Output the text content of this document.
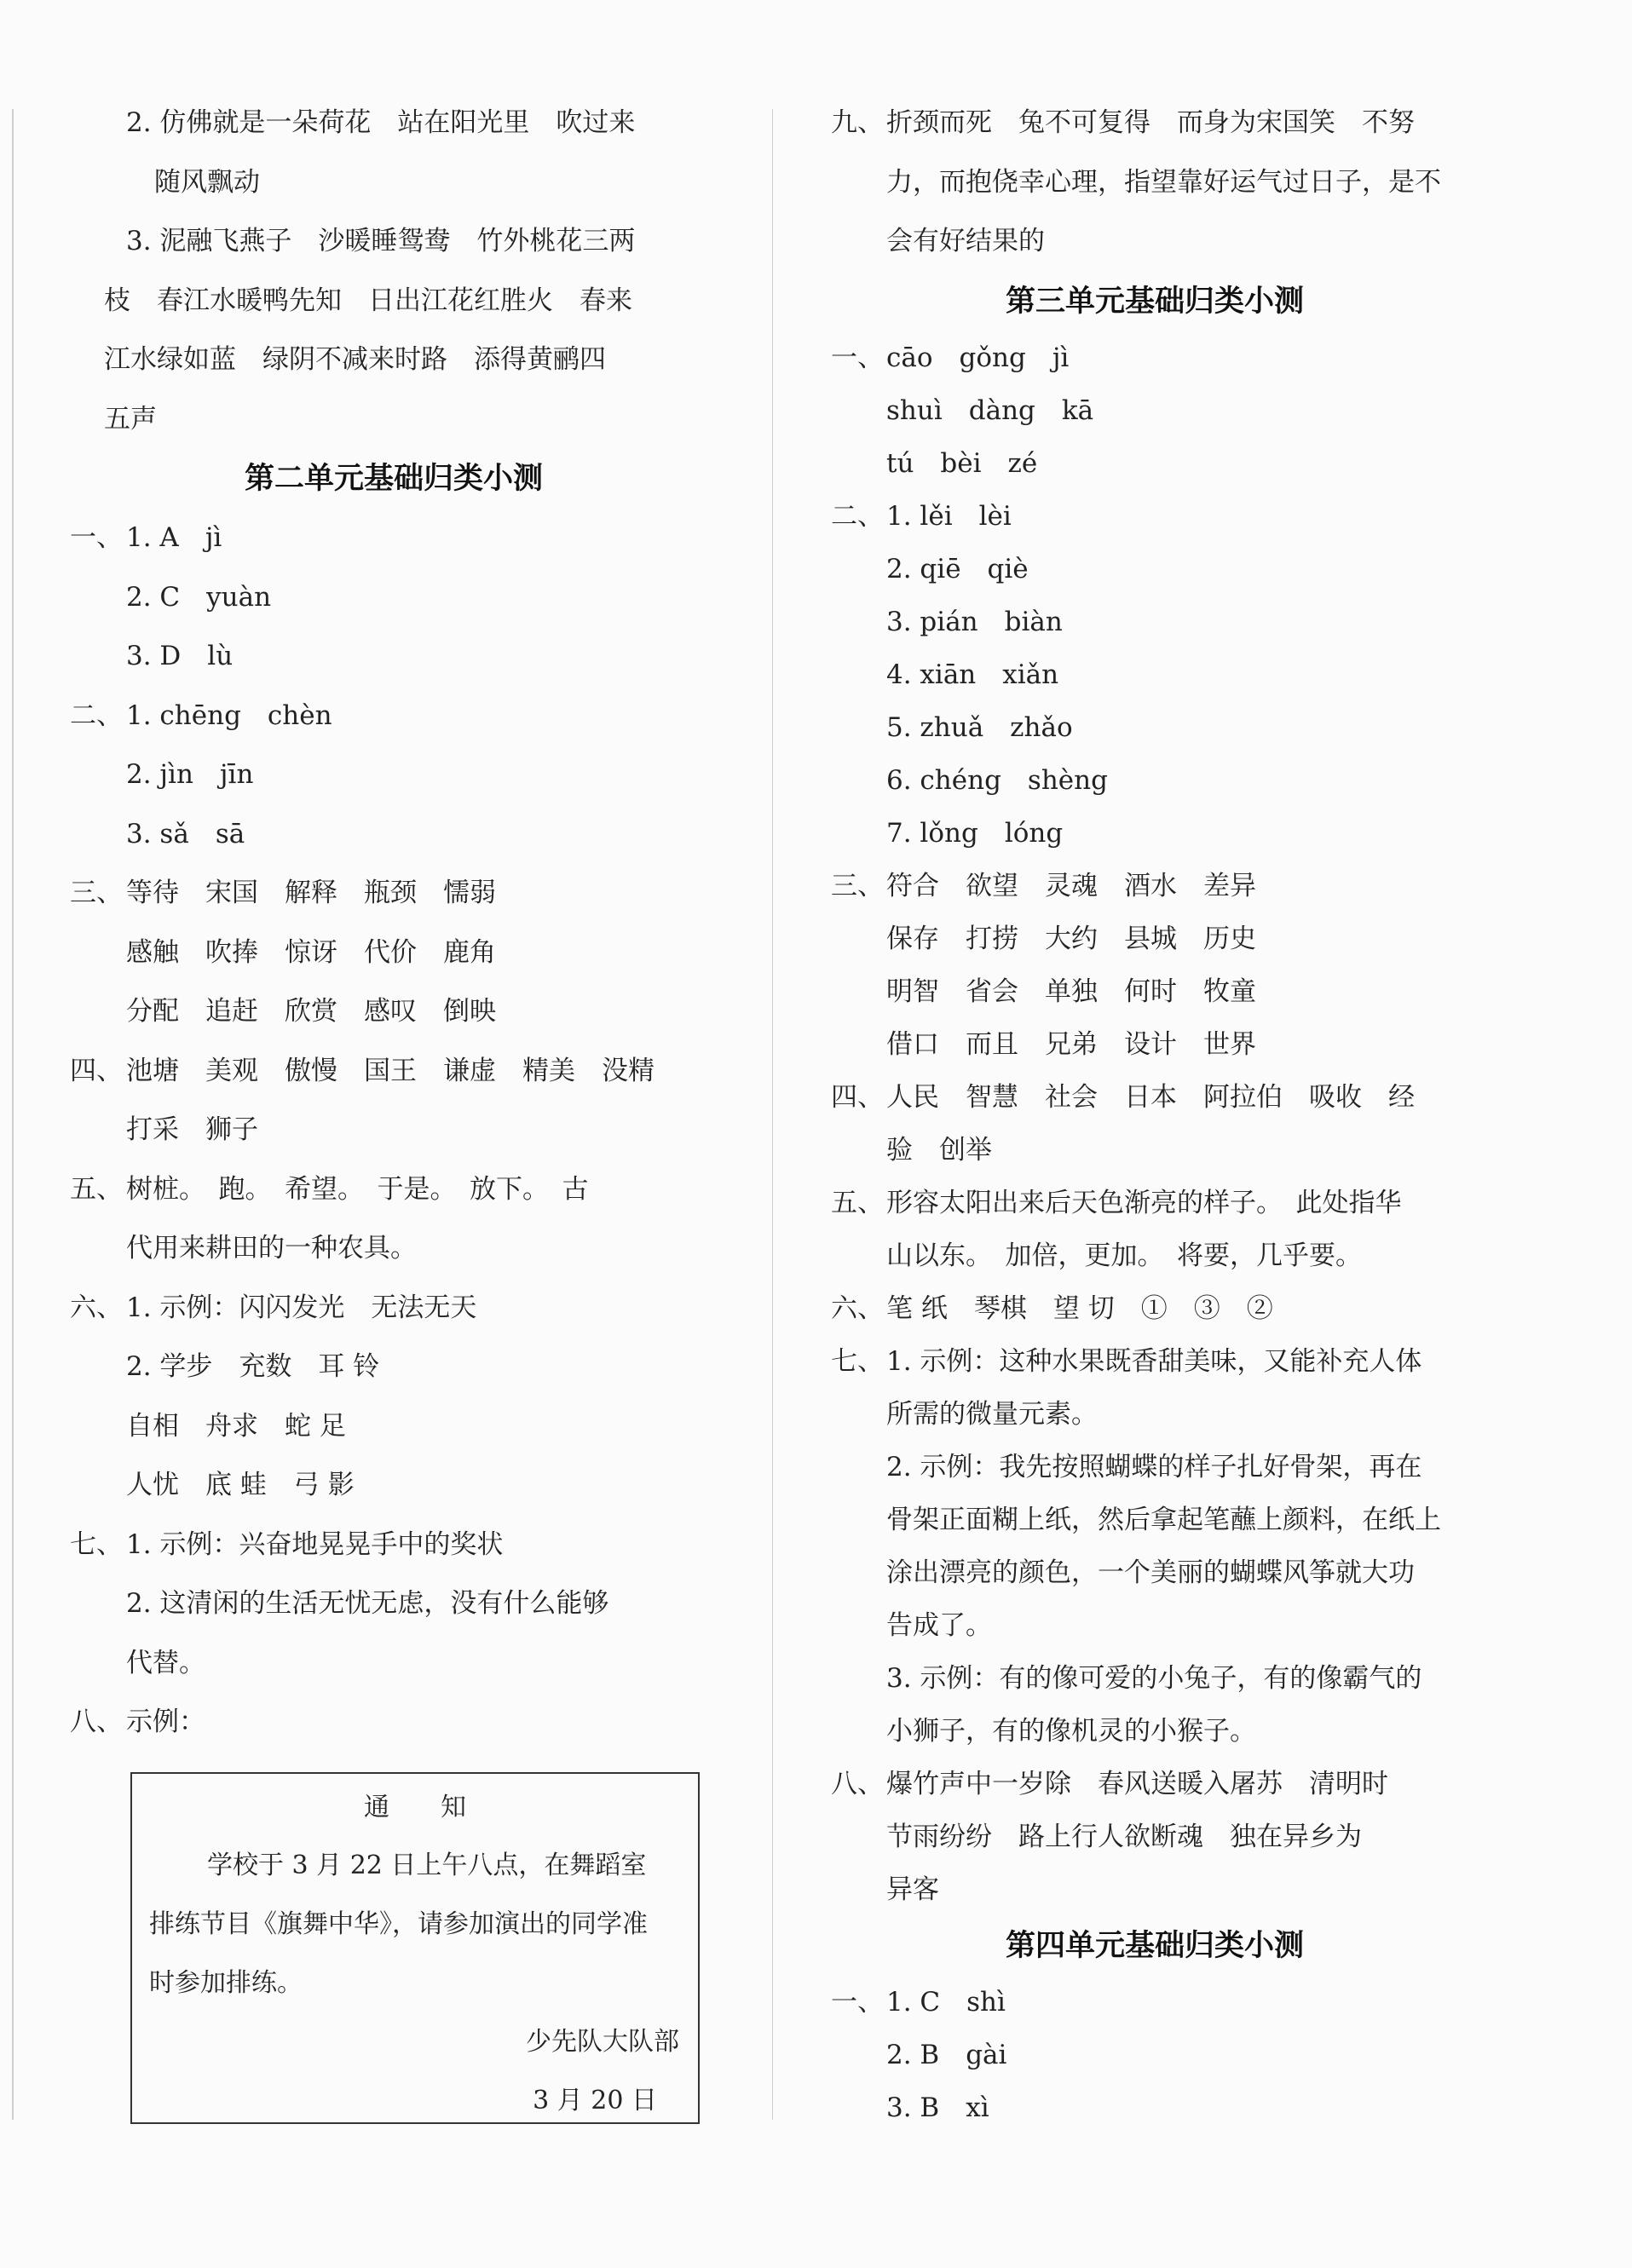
2. 仿佛就是一朵荷花　站在阳光里　吹过来
随风飘动
3. 泥融飞燕子　沙暖睡鸳鸯　竹外桃花三两
枝　春江水暖鸭先知　日出江花红胜火　春来
江水绿如蓝　绿阴不减来时路　添得黄鹂四
五声
第二单元基础归类小测
一、 1. A　jì
2. C　yuàn
3. D　lù
二、 1. chēng　chèn
2. jìn　jīn
3. sǎ　sā
三、 等待　宋国　解释　瓶颈　懦弱
感触　吹捧　惊讶　代价　鹿角
分配　追赶　欣赏　感叹　倒映
四、 池塘　美观　傲慢　国王　谦虚　精美　没精
打采　狮子
五、 树桩。　跑。　希望。　于是。　放下。　古
代用来耕田的一种农具。
六、 1. 示例：闪闪发光　无法无天
2. 学步　充数　耳 铃
自相　舟求　蛇 足
人忧　底 蛙　弓 影
七、 1. 示例：兴奋地晃晃手中的奖状
2. 这清闲的生活无忧无虑，没有什么能够
代替。
八、 示例：
通　　知
学校于 3 月 22 日上午八点，在舞蹈室
排练节目《旗舞中华》，请参加演出的同学准
时参加排练。
少先队大队部
3 月 20 日
九、 折颈而死　兔不可复得　而身为宋国笑　不努
力，而抱侥幸心理，指望靠好运气过日子，是不
会有好结果的
第三单元基础归类小测
一、 cāo　gǒng　jì
shuì　dàng　kā
tú　bèi　zé
二、 1. lěi　lèi
2. qiē　qiè
3. pián　biàn
4. xiān　xiǎn
5. zhuǎ　zhǎo
6. chéng　shèng
7. lǒng　lóng
三、 符合　欲望　灵魂　酒水　差异
保存　打捞　大约　县城　历史
明智　省会　单独　何时　牧童
借口　而且　兄弟　设计　世界
四、 人民　智慧　社会　日本　阿拉伯　吸收　经
验　创举
五、 形容太阳出来后天色渐亮的样子。　此处指华
山以东。　加倍，更加。　将要，几乎要。
六、 笔 纸　琴棋　望 切　①　③　②
七、 1. 示例：这种水果既香甜美味，又能补充人体
所需的微量元素。
2. 示例：我先按照蝴蝶的样子扎好骨架，再在
骨架正面糊上纸，然后拿起笔蘸上颜料，在纸上
涂出漂亮的颜色，一个美丽的蝴蝶风筝就大功
告成了。
3. 示例：有的像可爱的小兔子，有的像霸气的
小狮子，有的像机灵的小猴子。
八、 爆竹声中一岁除　春风送暖入屠苏　清明时
节雨纷纷　路上行人欲断魂　独在异乡为
异客
第四单元基础归类小测
一、 1. C　shì
2. B　gài
3. B　xì
